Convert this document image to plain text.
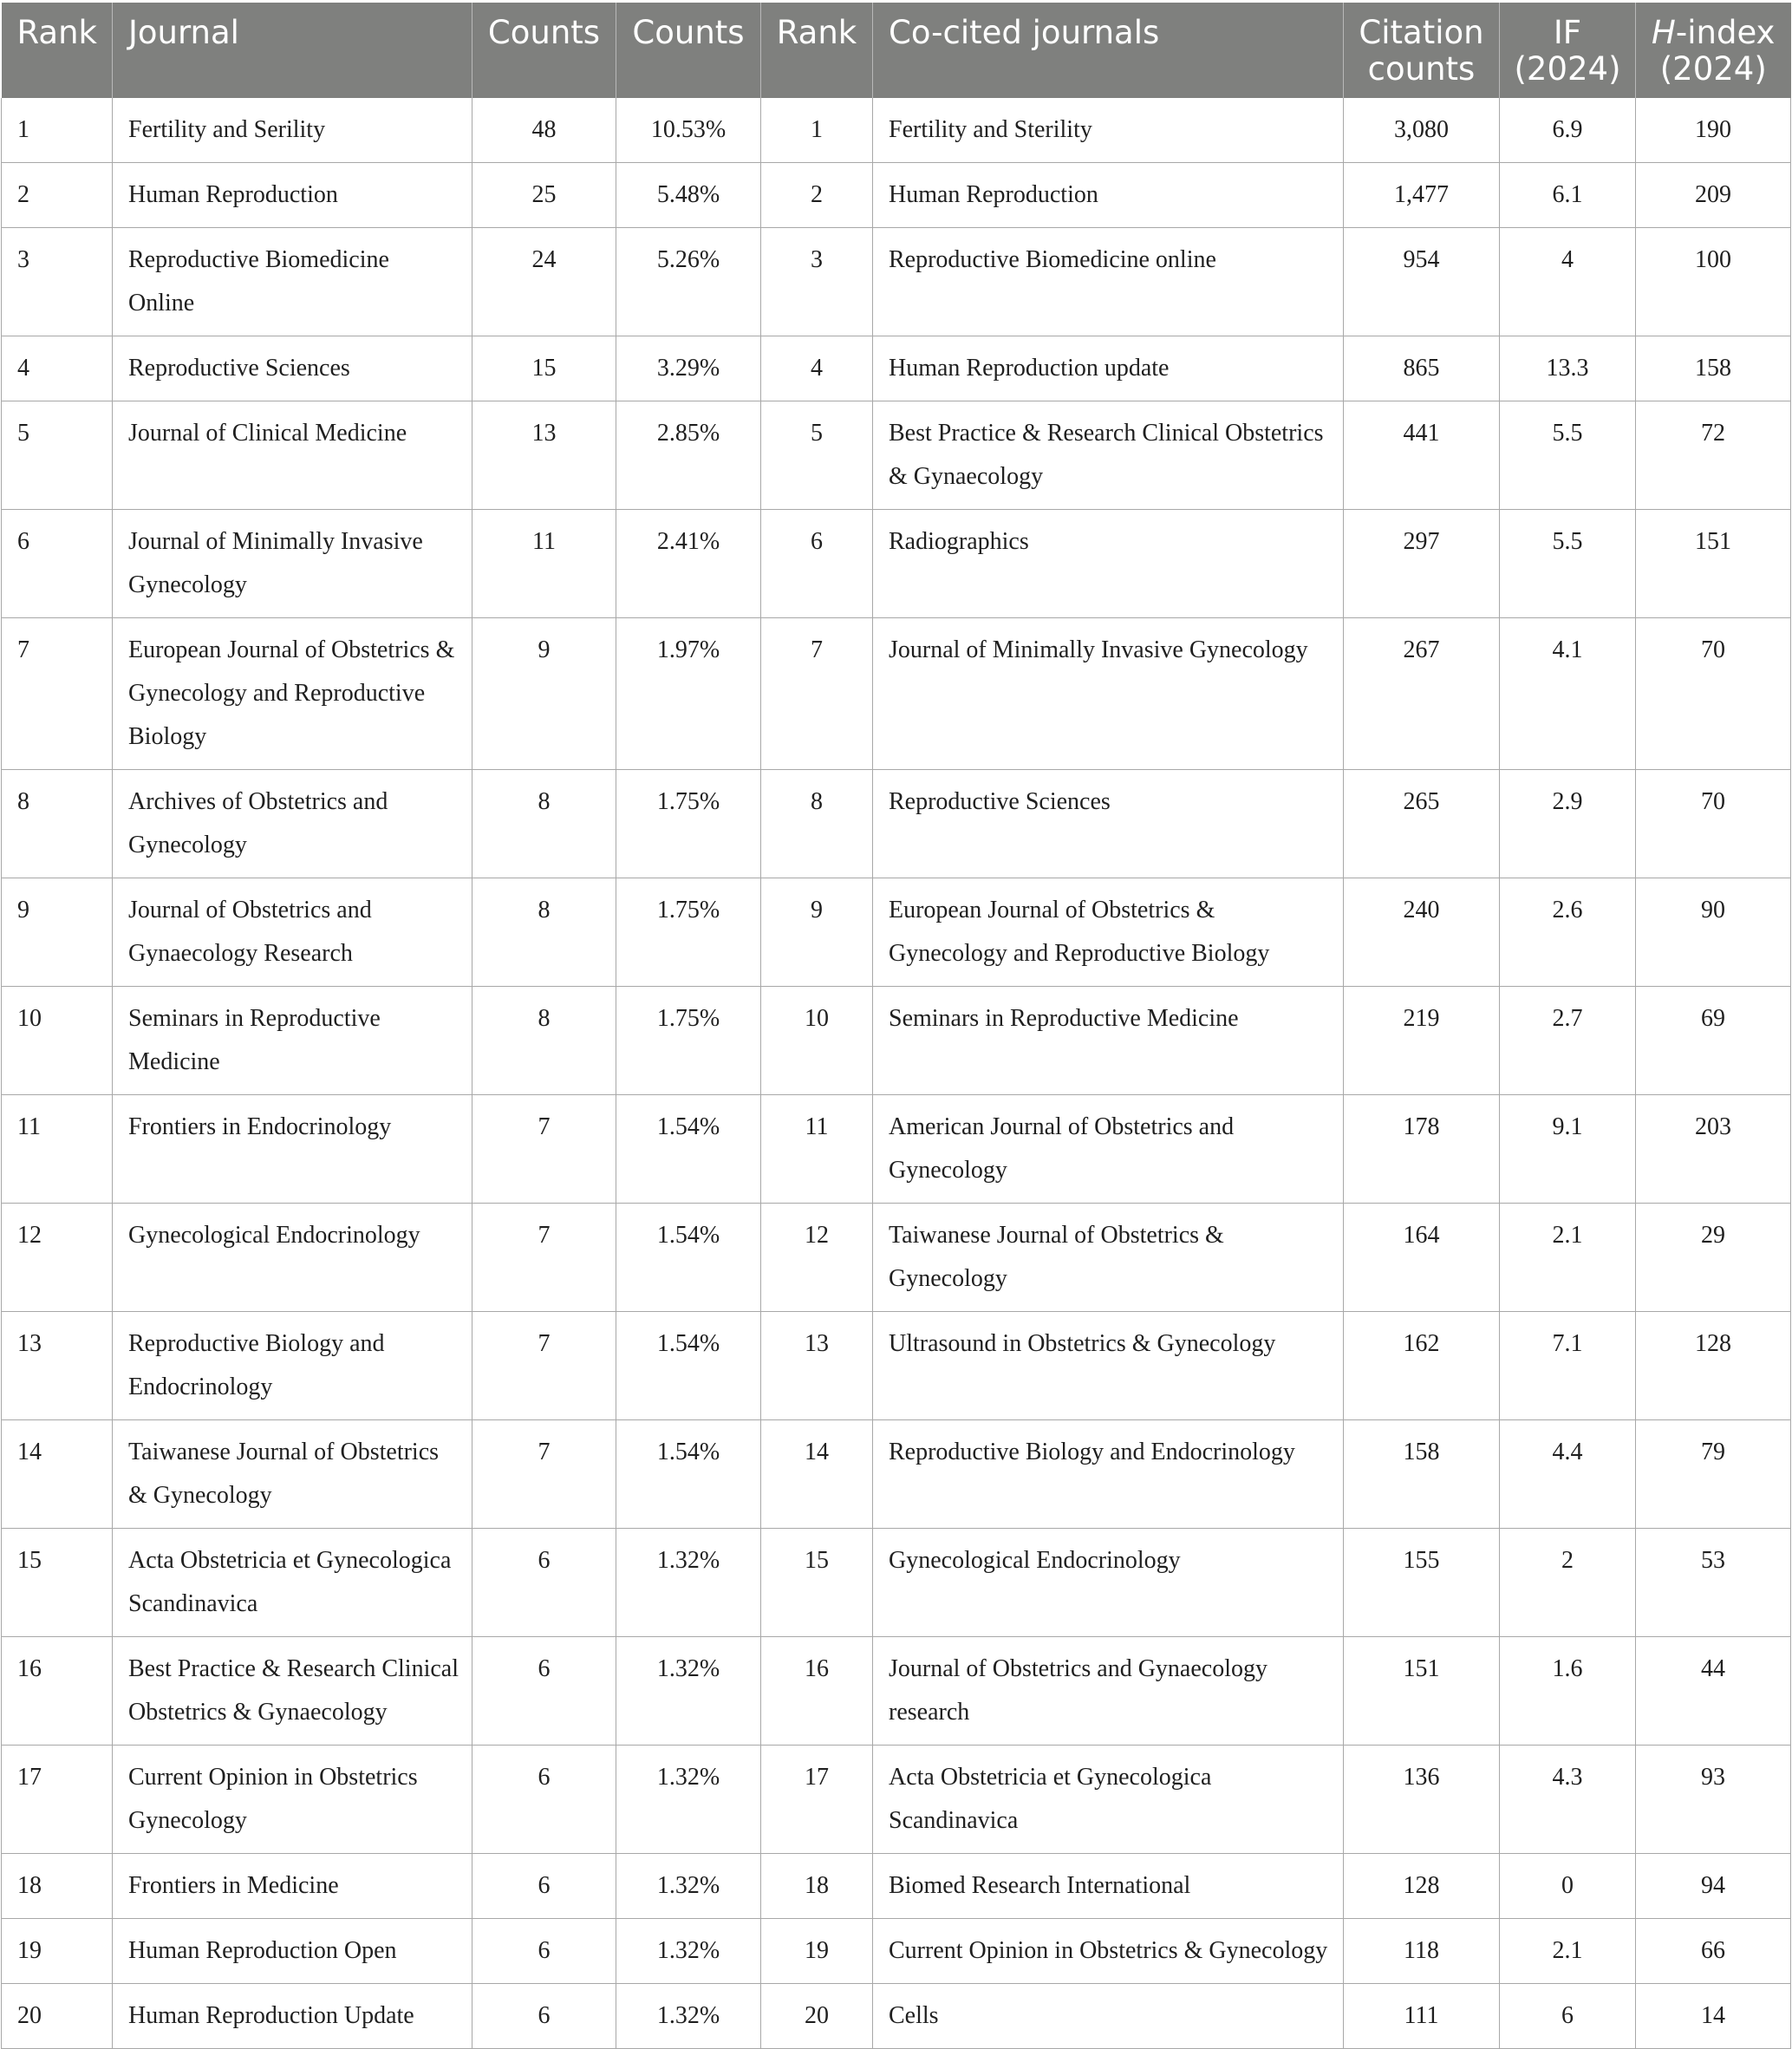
Rank	Journal	Counts	Counts	Rank	Co-cited journals	Citation counts	IF (2024)	H-index (2024)
1	Fertility and Serility	48	10.53%	1	Fertility and Sterility	3,080	6.9	190
2	Human Reproduction	25	5.48%	2	Human Reproduction	1,477	6.1	209
3	Reproductive Biomedicine Online	24	5.26%	3	Reproductive Biomedicine online	954	4	100
4	Reproductive Sciences	15	3.29%	4	Human Reproduction update	865	13.3	158
5	Journal of Clinical Medicine	13	2.85%	5	Best Practice & Research Clinical Obstetrics & Gynaecology	441	5.5	72
6	Journal of Minimally Invasive Gynecology	11	2.41%	6	Radiographics	297	5.5	151
7	European Journal of Obstetrics & Gynecology and Reproductive Biology	9	1.97%	7	Journal of Minimally Invasive Gynecology	267	4.1	70
8	Archives of Obstetrics and Gynecology	8	1.75%	8	Reproductive Sciences	265	2.9	70
9	Journal of Obstetrics and Gynaecology Research	8	1.75%	9	European Journal of Obstetrics & Gynecology and Reproductive Biology	240	2.6	90
10	Seminars in Reproductive Medicine	8	1.75%	10	Seminars in Reproductive Medicine	219	2.7	69
11	Frontiers in Endocrinology	7	1.54%	11	American Journal of Obstetrics and Gynecology	178	9.1	203
12	Gynecological Endocrinology	7	1.54%	12	Taiwanese Journal of Obstetrics & Gynecology	164	2.1	29
13	Reproductive Biology and Endocrinology	7	1.54%	13	Ultrasound in Obstetrics & Gynecology	162	7.1	128
14	Taiwanese Journal of Obstetrics & Gynecology	7	1.54%	14	Reproductive Biology and Endocrinology	158	4.4	79
15	Acta Obstetricia et Gynecologica Scandinavica	6	1.32%	15	Gynecological Endocrinology	155	2	53
16	Best Practice & Research Clinical Obstetrics & Gynaecology	6	1.32%	16	Journal of Obstetrics and Gynaecology research	151	1.6	44
17	Current Opinion in Obstetrics Gynecology	6	1.32%	17	Acta Obstetricia et Gynecologica Scandinavica	136	4.3	93
18	Frontiers in Medicine	6	1.32%	18	Biomed Research International	128	0	94
19	Human Reproduction Open	6	1.32%	19	Current Opinion in Obstetrics & Gynecology	118	2.1	66
20	Human Reproduction Update	6	1.32%	20	Cells	111	6	14
